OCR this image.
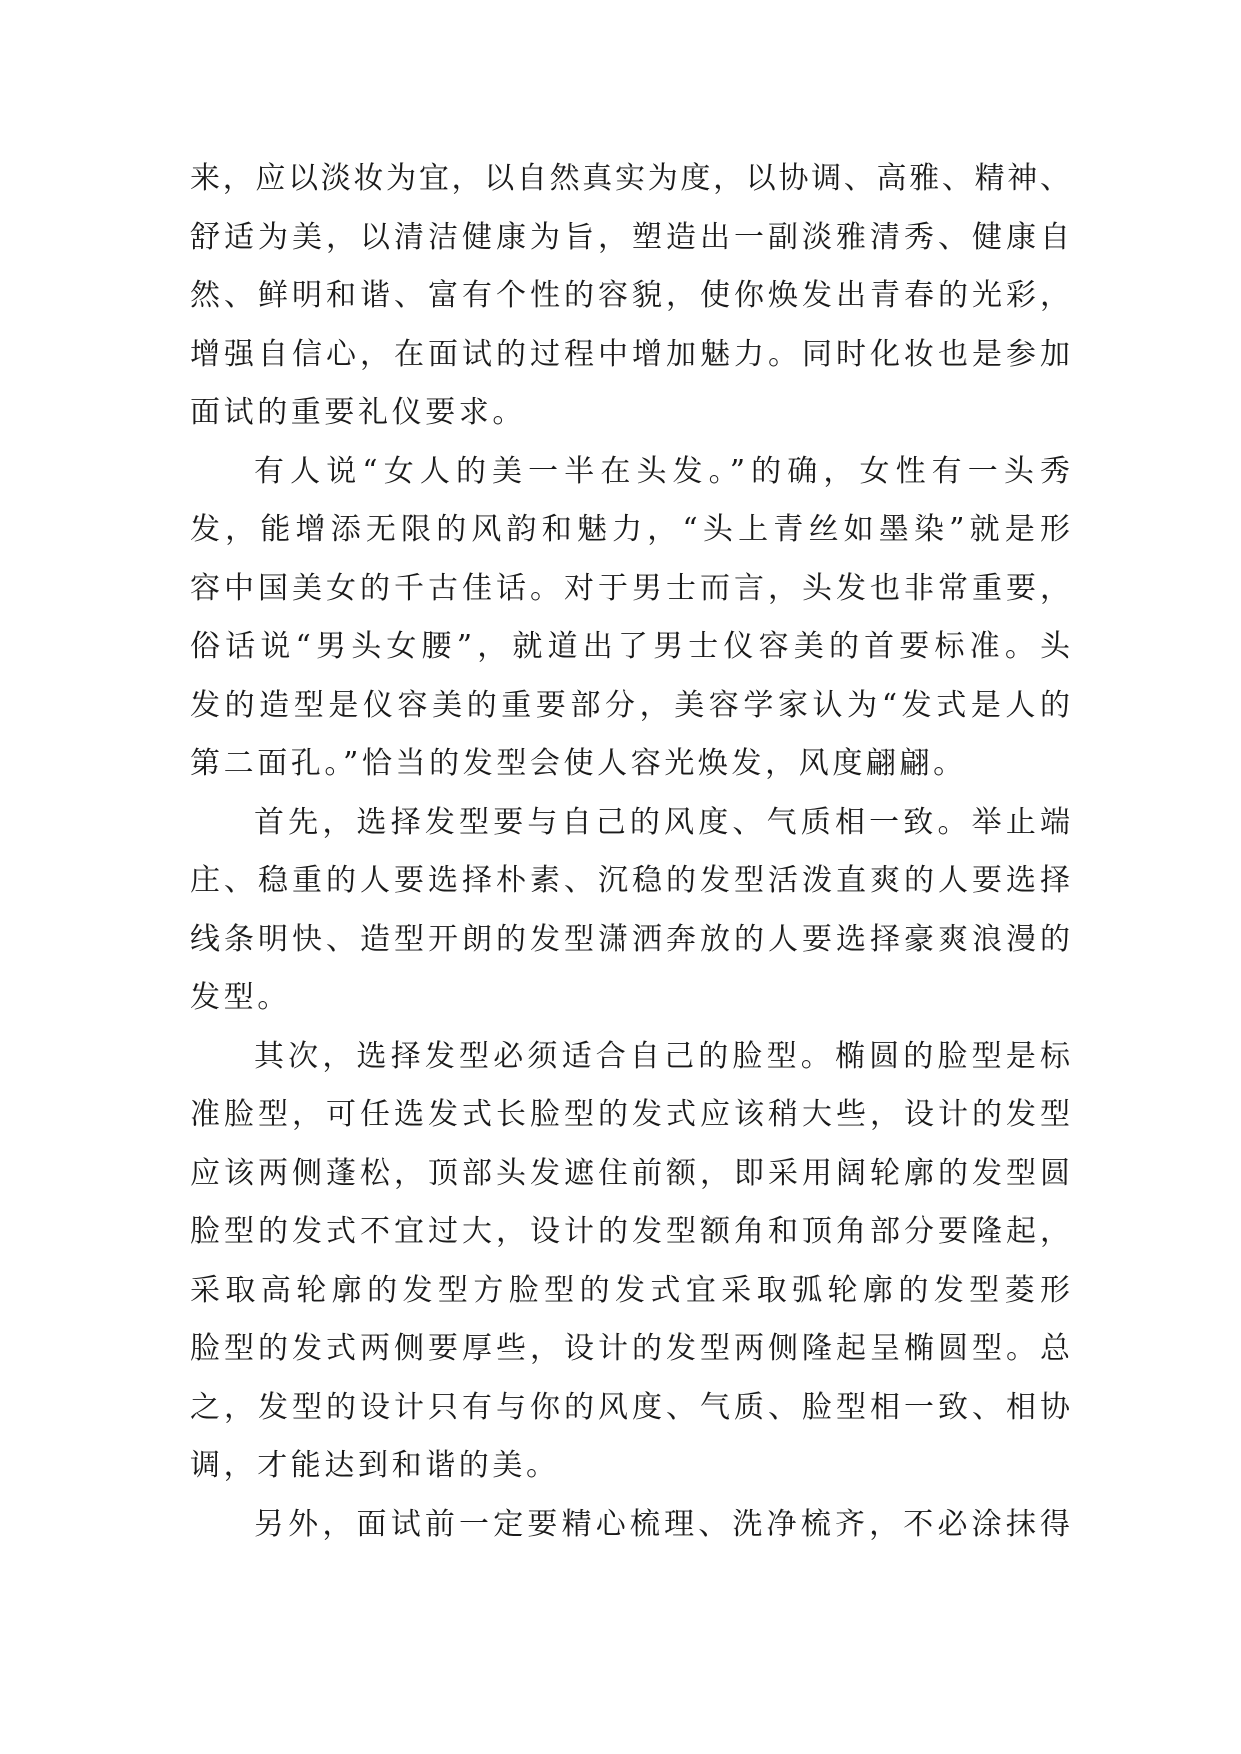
来，应以淡妆为宜，以自然真实为度，以协调、高雅、精神、
舒适为美，以清洁健康为旨，塑造出一副淡雅清秀、健康自
然、鲜明和谐、富有个性的容貌，使你焕发出青春的光彩，
增强自信心，在面试的过程中增加魅力。同时化妆也是参加
面试的重要礼仪要求。
有人说“女人的美一半在头发。”的确，女性有一头秀
发，能增添无限的风韵和魅力，“头上青丝如墨染”就是形
容中国美女的千古佳话。对于男士而言，头发也非常重要，
俗话说“男头女腰”，就道出了男士仪容美的首要标准。头
发的造型是仪容美的重要部分，美容学家认为“发式是人的
第二面孔。”恰当的发型会使人容光焕发，风度翩翩。
首先，选择发型要与自己的风度、气质相一致。举止端
庄、稳重的人要选择朴素、沉稳的发型活泼直爽的人要选择
线条明快、造型开朗的发型潇洒奔放的人要选择豪爽浪漫的
发型。
其次，选择发型必须适合自己的脸型。椭圆的脸型是标
准脸型，可任选发式长脸型的发式应该稍大些，设计的发型
应该两侧蓬松，顶部头发遮住前额，即采用阔轮廓的发型圆
脸型的发式不宜过大，设计的发型额角和顶角部分要隆起，
采取高轮廓的发型方脸型的发式宜采取弧轮廓的发型菱形
脸型的发式两侧要厚些，设计的发型两侧隆起呈椭圆型。总
之，发型的设计只有与你的风度、气质、脸型相一致、相协
调，才能达到和谐的美。
另外，面试前一定要精心梳理、洗净梳齐，不必涂抹得
